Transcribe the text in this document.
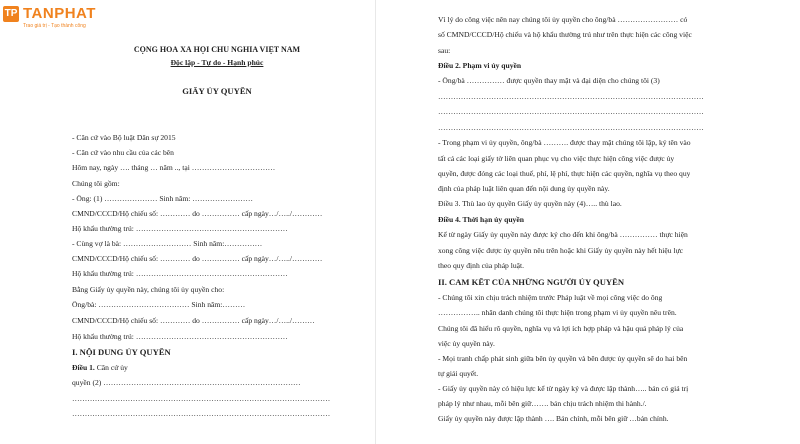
TP TANPHAT
Trao giá trị - Tạo thành công
CỘNG HOÀ XÃ HỘI CHỦ NGHĨA VIỆT NAM
Độc lập - Tự do - Hạnh phúc
GIẤY ỦY QUYỀN
- Căn cứ vào Bộ luật Dân sự 2015
- Căn cứ vào nhu cầu của các bên
Hôm nay, ngày …. tháng … năm .., tại ……………………………
Chúng tôi gồm:
- Ông: (1) ………………… Sinh năm: ……………………
CMND/CCCD/Hộ chiếu số: ………… do …………… cấp ngày…/…../…………
Hộ khẩu thường trú: ……………………………………………………
- Cùng vợ là bà: ……………………… Sinh năm:……………
CMND/CCCD/Hộ chiếu số: ………… do …………… cấp ngày…/…../…………
Hộ khẩu thường trú: ……………………………………………………
Bằng Giấy ủy quyền này, chúng tôi ủy quyền cho:
Ông/bà: ……………………………… Sinh năm:………
CMND/CCCD/Hộ chiếu số: ………… do …………… cấp ngày…/…../………
Hộ khẩu thường trú: ……………………………………………………
I. NỘI DUNG ỦY QUYỀN
Điều 1. Căn cứ ủy
quyền (2) ……………………………………………………………………
…………………………………………………………………………………………
…………………………………………………………………………………………
Vì lý do công việc nên nay chúng tôi ủy quyền cho ông/bà …………………… có
số CMND/CCCD/Hộ chiếu và hộ khẩu thường trú như trên thực hiện các công việc
sau:
Điều 2. Phạm vi ủy quyền
- Ông/bà …………… được quyền thay mặt và đại diện cho chúng tôi (3)
……………………………………………………………………………………………
……………………………………………………………………………………………
……………………………………………………………………………………………
- Trong phạm vi ủy quyền, ông/bà ………. được thay mặt chúng tôi lập, ký tên vào
tất cả các loại giấy tờ liên quan phục vụ cho việc thực hiện công việc được ủy
quyền, được đóng các loại thuế, phí, lệ phí, thực hiện các quyền, nghĩa vụ theo quy
định của pháp luật liên quan đến nội dung ủy quyền này.
Điều 3. Thù lao ủy quyền Giấy ủy quyền này (4)….. thù lao.
Điều 4. Thời hạn ủy quyền
Kể từ ngày Giấy ủy quyền này được ký cho đến khi ông/bà …………… thực hiện
xong công việc được ủy quyền nêu trên hoặc khi Giấy ủy quyền này hết hiệu lực
theo quy định của pháp luật.
II. CAM KẾT CỦA NHỮNG NGƯỜI ỦY QUYỀN
- Chúng tôi xin chịu trách nhiệm trước Pháp luật về mọi công việc do ông
…………….. nhân danh chúng tôi thực hiện trong phạm vi ủy quyền nêu trên.
Chúng tôi đã hiểu rõ quyền, nghĩa vụ và lợi ích hợp pháp và hậu quả pháp lý của
việc ủy quyền này.
- Mọi tranh chấp phát sinh giữa bên ủy quyền và bên được ủy quyền sẽ do hai bên
tự giải quyết.
- Giấy ủy quyền này có hiệu lực kể từ ngày ký và được lập thành….. bản có giá trị
pháp lý như nhau, mỗi bên giữ……. bản chịu trách nhiệm thi hành./.
Giấy ủy quyền này được lập thành …. Bản chính, mỗi bên giữ …bản chính.
